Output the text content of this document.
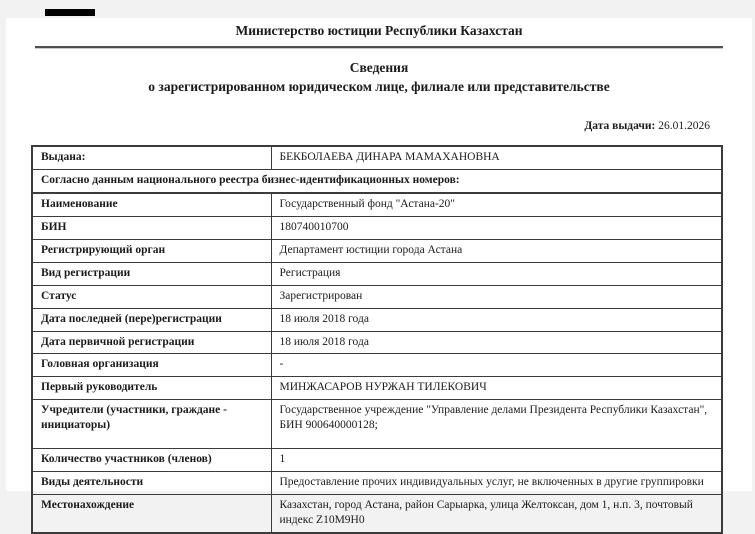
Министерство юстиции Республики Казахстан
Сведения
о зарегистрированном юридическом лице, филиале или представительстве
Дата выдачи: 26.01.2026
Выдана:	БЕКБОЛАЕВА ДИНАРА МАМАХАНОВНА
Согласно данным национального реестра бизнес-идентификационных номеров:	
Наименование	Государственный фонд "Астана-20"
БИН	180740010700
Регистрирующий орган	Департамент юстиции города Астана
Вид регистрации	Регистрация
Статус	Зарегистрирован
Дата последней (пере)регистрации	18 июля 2018 года
Дата первичной регистрации	18 июля 2018 года
Головная организация	-
Первый руководитель	МИНЖАСАРОВ НУРЖАН ТИЛЕКОВИЧ
Учредители (участники, граждане - инициаторы)	Государственное учреждение "Управление делами Президента Республики Казахстан", БИН 900640000128;
Количество участников (членов)	1
Виды деятельности	Предоставление прочих индивидуальных услуг, не включенных в другие группировки
Местонахождение	Казахстан, город Астана, район Сарыарка, улица Желтоксан, дом 1, н.п. 3, почтовый индекс Z10M9H0
